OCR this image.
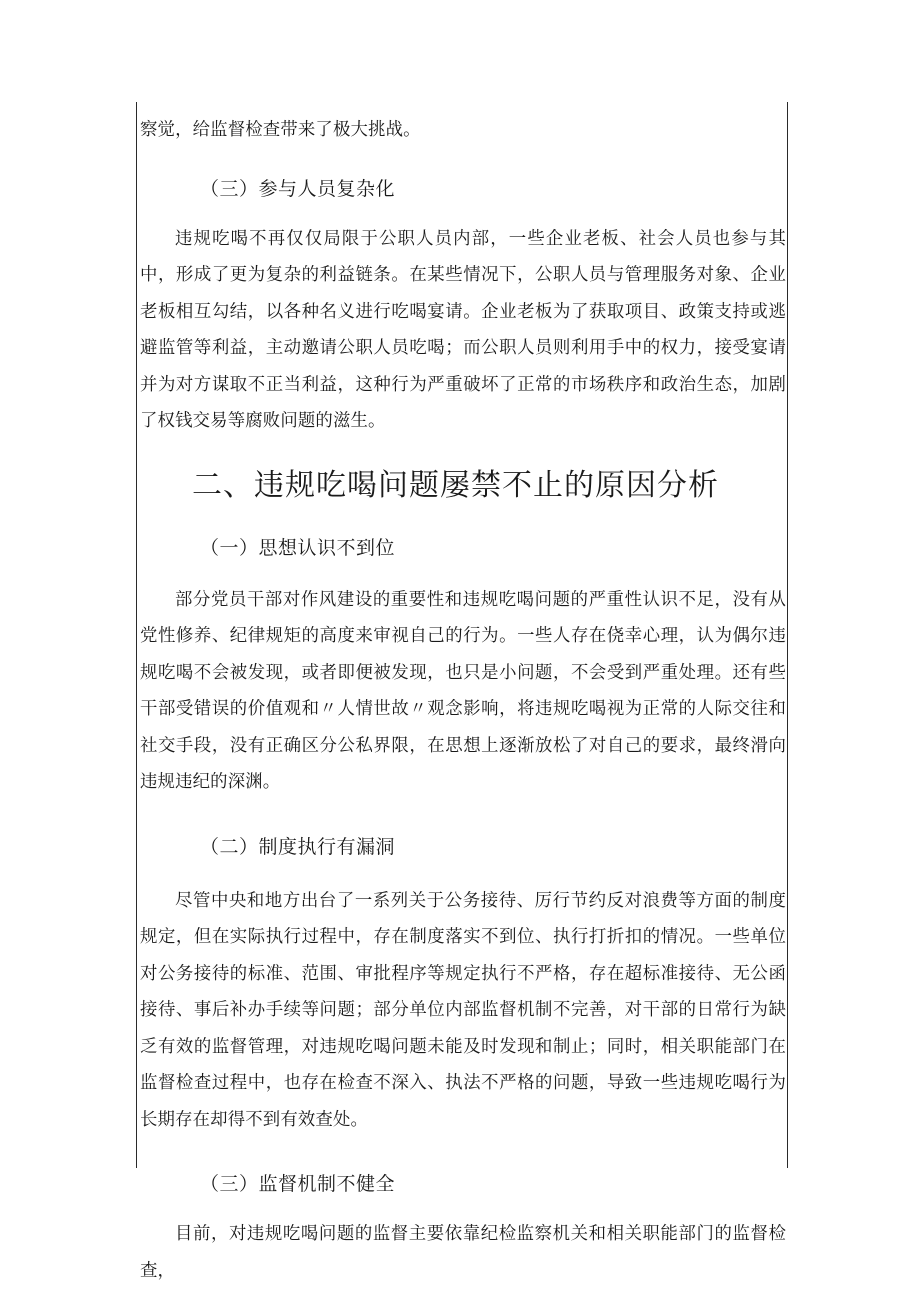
察觉，给监督检查带来了极大挑战。

（三）参与人员复杂化

违规吃喝不再仅仅局限于公职人员内部，一些企业老板、社会人员也参与其中，形成了更为复杂的利益链条。在某些情况下，公职人员与管理服务对象、企业老板相互勾结，以各种名义进行吃喝宴请。企业老板为了获取项目、政策支持或逃避监管等利益，主动邀请公职人员吃喝；而公职人员则利用手中的权力，接受宴请并为对方谋取不正当利益，这种行为严重破坏了正常的市场秩序和政治生态，加剧了权钱交易等腐败问题的滋生。

二、违规吃喝问题屡禁不止的原因分析

（一）思想认识不到位

部分党员干部对作风建设的重要性和违规吃喝问题的严重性认识不足，没有从党性修养、纪律规矩的高度来审视自己的行为。一些人存在侥幸心理，认为偶尔违规吃喝不会被发现，或者即便被发现，也只是小问题，不会受到严重处理。还有些干部受错误的价值观和〃人情世故〃观念影响，将违规吃喝视为正常的人际交往和社交手段，没有正确区分公私界限，在思想上逐渐放松了对自己的要求，最终滑向违规违纪的深渊。

（二）制度执行有漏洞

尽管中央和地方出台了一系列关于公务接待、厉行节约反对浪费等方面的制度规定，但在实际执行过程中，存在制度落实不到位、执行打折扣的情况。一些单位对公务接待的标准、范围、审批程序等规定执行不严格，存在超标准接待、无公函接待、事后补办手续等问题；部分单位内部监督机制不完善，对干部的日常行为缺乏有效的监督管理，对违规吃喝问题未能及时发现和制止；同时，相关职能部门在监督检查过程中，也存在检查不深入、执法不严格的问题，导致一些违规吃喝行为长期存在却得不到有效查处。

（三）监督机制不健全

目前，对违规吃喝问题的监督主要依靠纪检监察机关和相关职能部门的监督检查，
